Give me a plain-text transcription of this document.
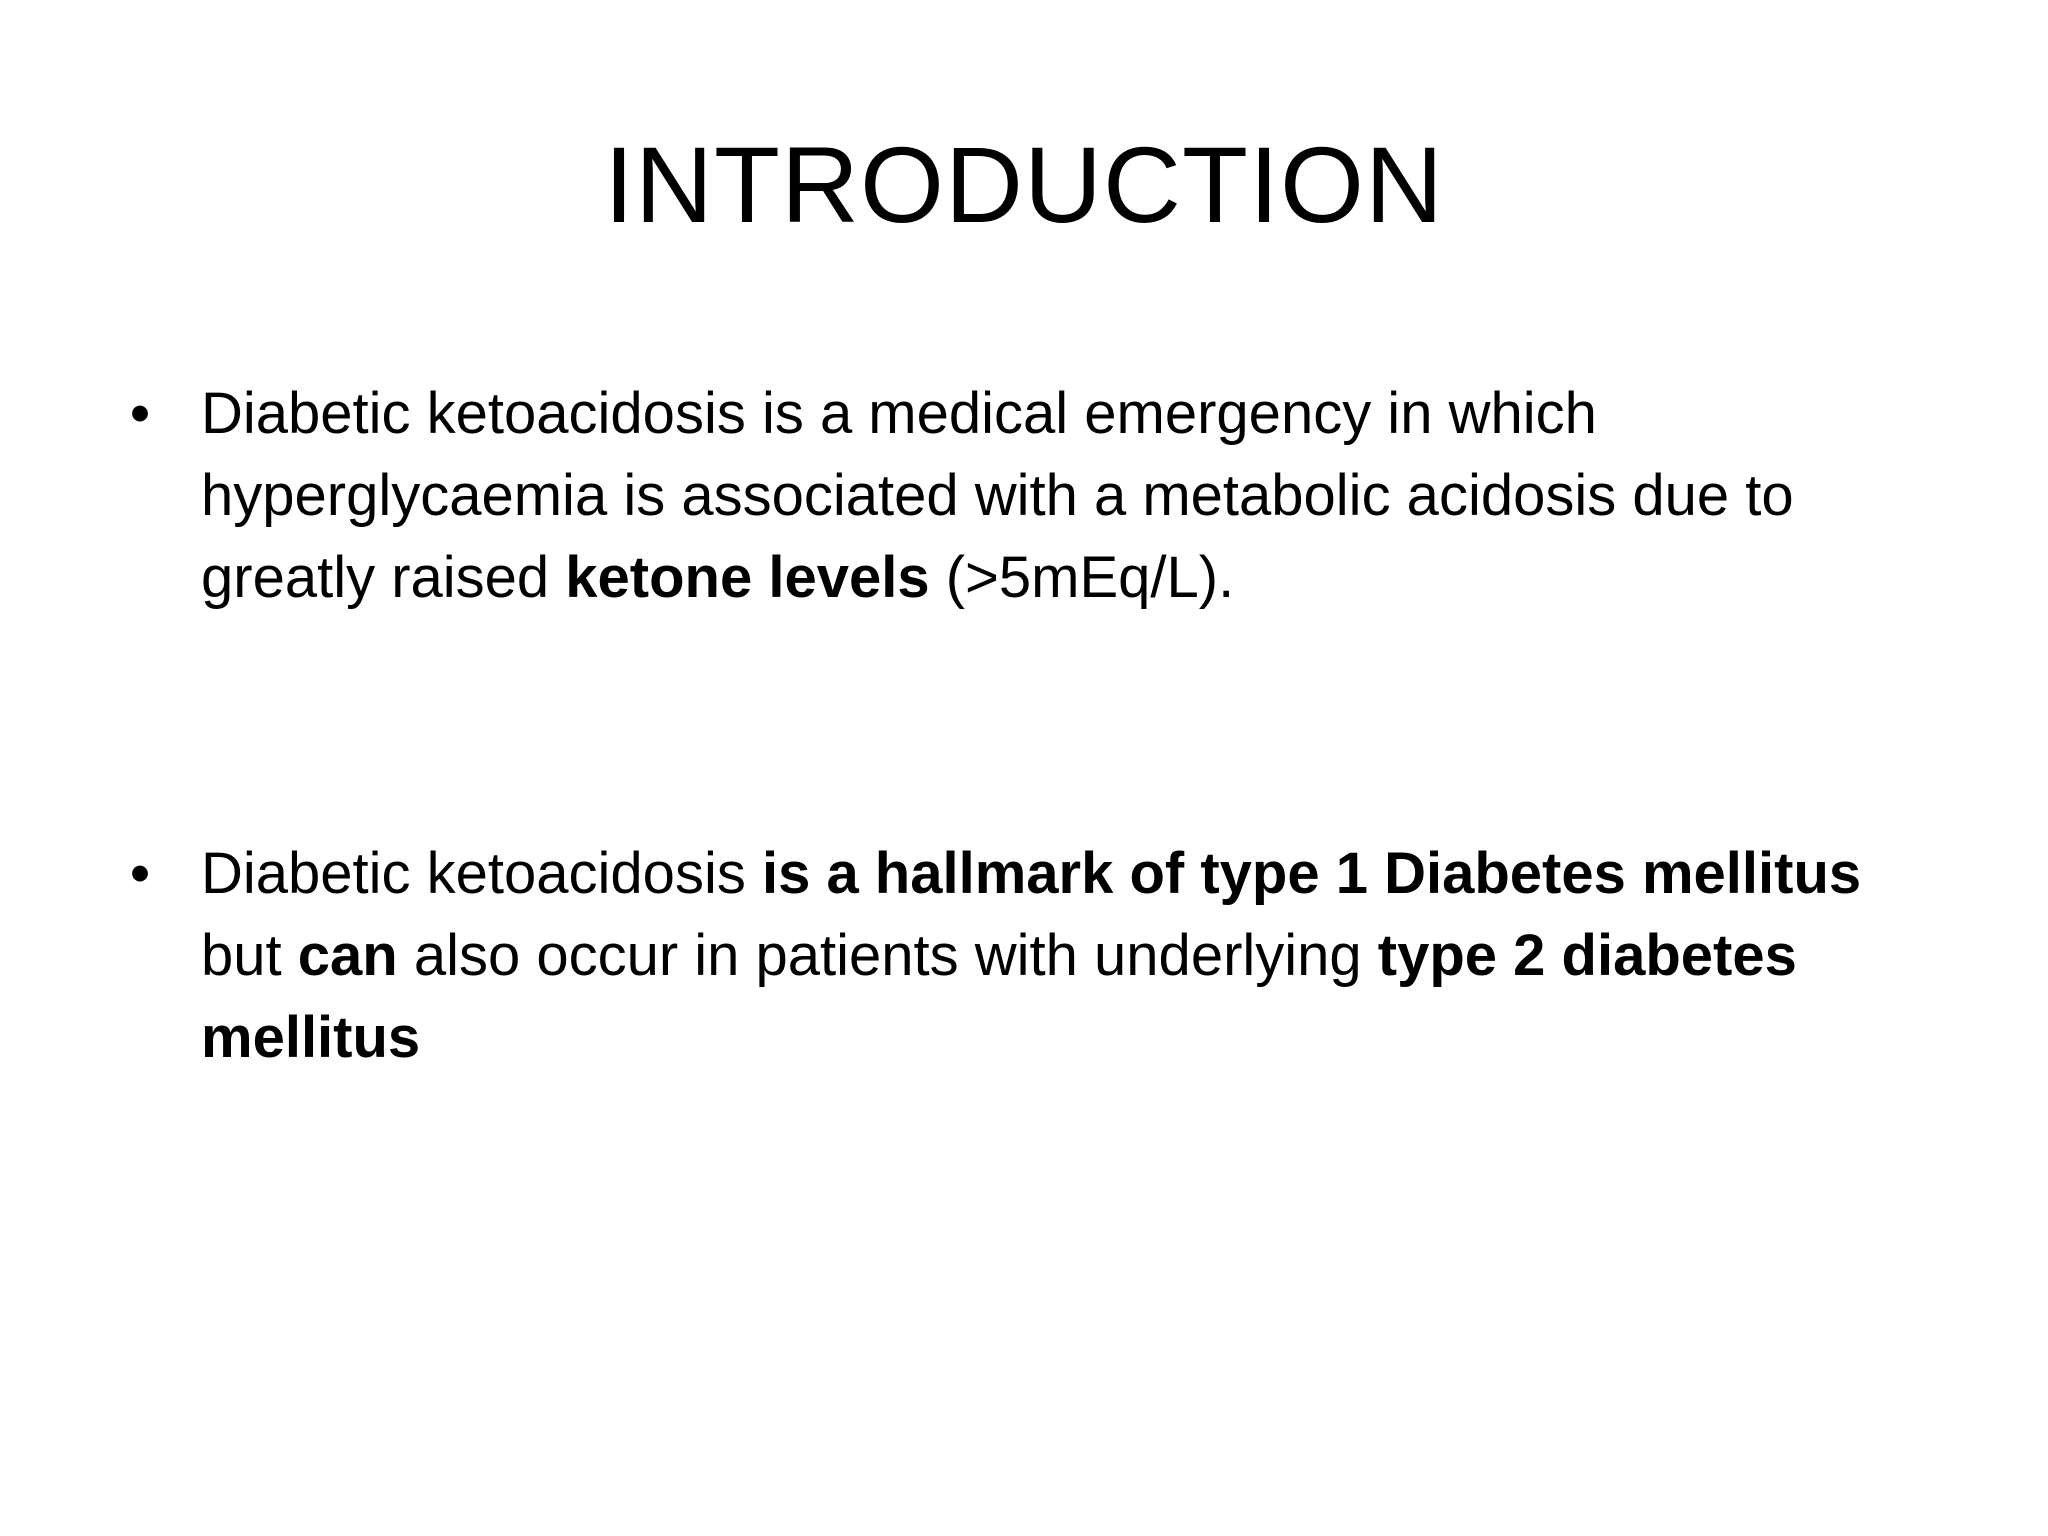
INTRODUCTION
• Diabetic ketoacidosis is a medical emergency in which hyperglycaemia is associated with a metabolic acidosis due to greatly raised ketone levels (>5mEq/L).
• Diabetic ketoacidosis is a hallmark of type 1 Diabetes mellitus but can also occur in patients with underlying type 2 diabetes mellitus
